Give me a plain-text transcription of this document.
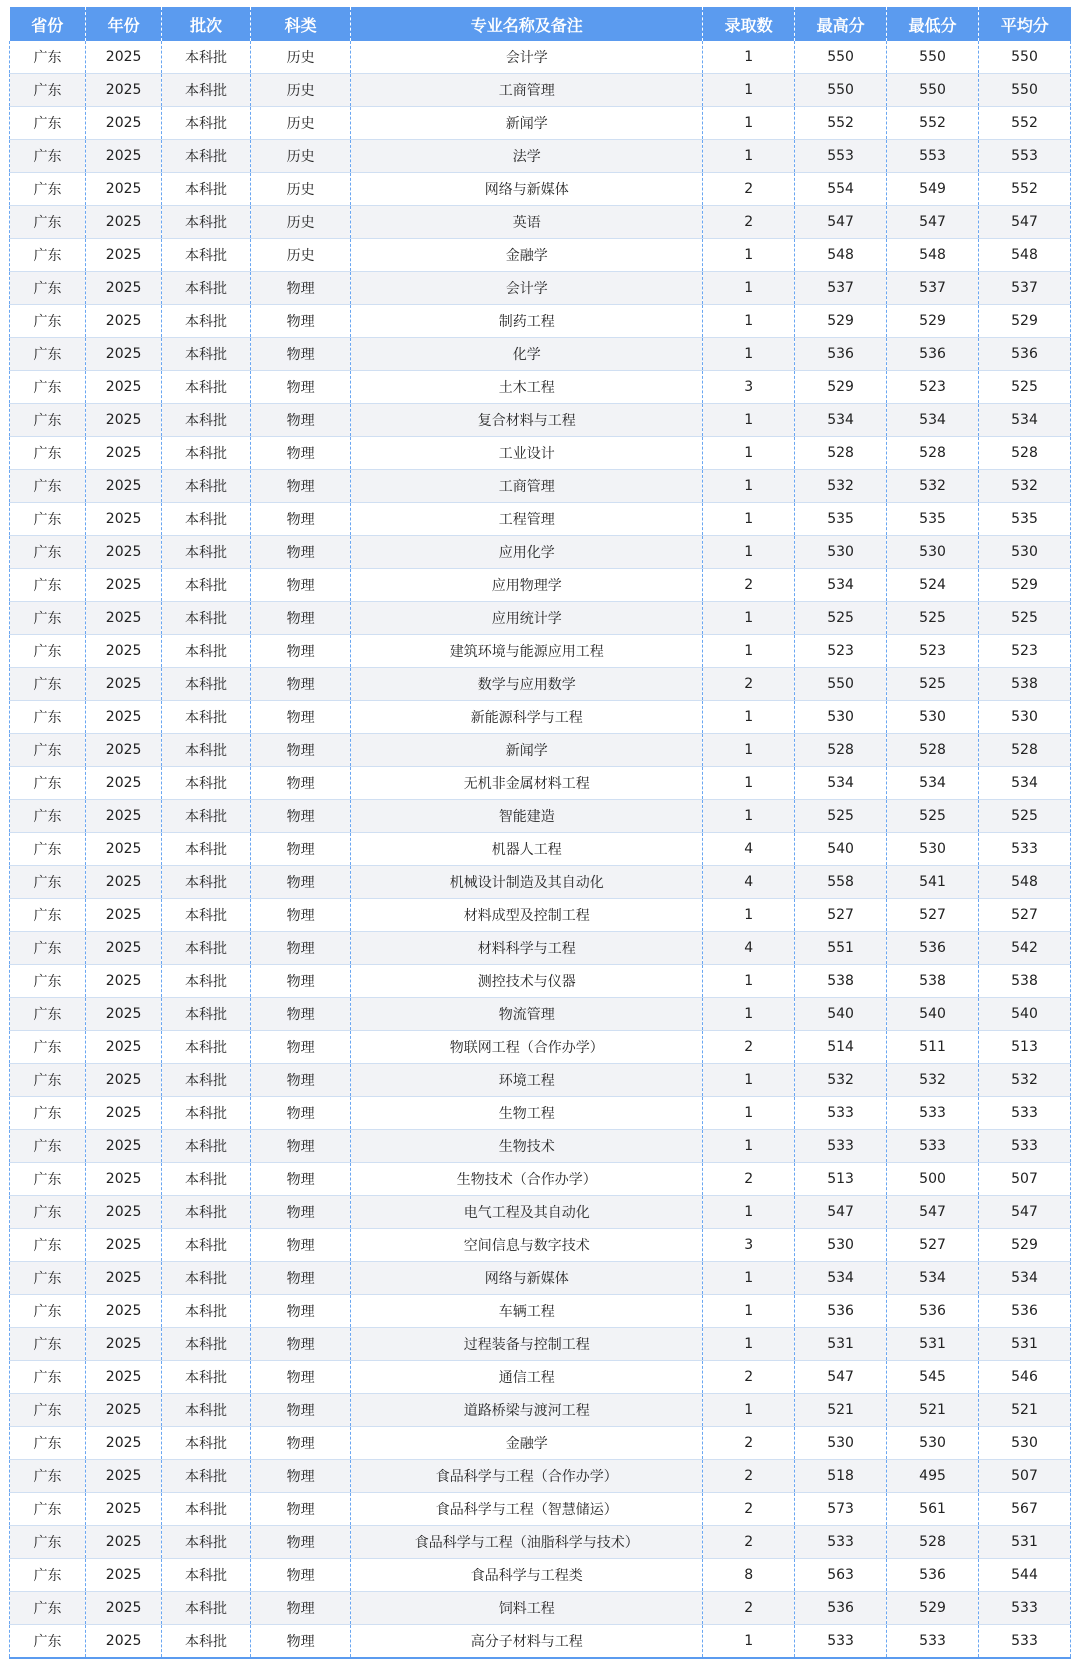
省份	年份	批次	科类	专业名称及备注	录取数	最高分	最低分	平均分
广东	2025	本科批	历史	会计学	1	550	550	550
广东	2025	本科批	历史	工商管理	1	550	550	550
广东	2025	本科批	历史	新闻学	1	552	552	552
广东	2025	本科批	历史	法学	1	553	553	553
广东	2025	本科批	历史	网络与新媒体	2	554	549	552
广东	2025	本科批	历史	英语	2	547	547	547
广东	2025	本科批	历史	金融学	1	548	548	548
广东	2025	本科批	物理	会计学	1	537	537	537
广东	2025	本科批	物理	制药工程	1	529	529	529
广东	2025	本科批	物理	化学	1	536	536	536
广东	2025	本科批	物理	土木工程	3	529	523	525
广东	2025	本科批	物理	复合材料与工程	1	534	534	534
广东	2025	本科批	物理	工业设计	1	528	528	528
广东	2025	本科批	物理	工商管理	1	532	532	532
广东	2025	本科批	物理	工程管理	1	535	535	535
广东	2025	本科批	物理	应用化学	1	530	530	530
广东	2025	本科批	物理	应用物理学	2	534	524	529
广东	2025	本科批	物理	应用统计学	1	525	525	525
广东	2025	本科批	物理	建筑环境与能源应用工程	1	523	523	523
广东	2025	本科批	物理	数学与应用数学	2	550	525	538
广东	2025	本科批	物理	新能源科学与工程	1	530	530	530
广东	2025	本科批	物理	新闻学	1	528	528	528
广东	2025	本科批	物理	无机非金属材料工程	1	534	534	534
广东	2025	本科批	物理	智能建造	1	525	525	525
广东	2025	本科批	物理	机器人工程	4	540	530	533
广东	2025	本科批	物理	机械设计制造及其自动化	4	558	541	548
广东	2025	本科批	物理	材料成型及控制工程	1	527	527	527
广东	2025	本科批	物理	材料科学与工程	4	551	536	542
广东	2025	本科批	物理	测控技术与仪器	1	538	538	538
广东	2025	本科批	物理	物流管理	1	540	540	540
广东	2025	本科批	物理	物联网工程（合作办学）	2	514	511	513
广东	2025	本科批	物理	环境工程	1	532	532	532
广东	2025	本科批	物理	生物工程	1	533	533	533
广东	2025	本科批	物理	生物技术	1	533	533	533
广东	2025	本科批	物理	生物技术（合作办学）	2	513	500	507
广东	2025	本科批	物理	电气工程及其自动化	1	547	547	547
广东	2025	本科批	物理	空间信息与数字技术	3	530	527	529
广东	2025	本科批	物理	网络与新媒体	1	534	534	534
广东	2025	本科批	物理	车辆工程	1	536	536	536
广东	2025	本科批	物理	过程装备与控制工程	1	531	531	531
广东	2025	本科批	物理	通信工程	2	547	545	546
广东	2025	本科批	物理	道路桥梁与渡河工程	1	521	521	521
广东	2025	本科批	物理	金融学	2	530	530	530
广东	2025	本科批	物理	食品科学与工程（合作办学）	2	518	495	507
广东	2025	本科批	物理	食品科学与工程（智慧储运）	2	573	561	567
广东	2025	本科批	物理	食品科学与工程（油脂科学与技术）	2	533	528	531
广东	2025	本科批	物理	食品科学与工程类	8	563	536	544
广东	2025	本科批	物理	饲料工程	2	536	529	533
广东	2025	本科批	物理	高分子材料与工程	1	533	533	533
